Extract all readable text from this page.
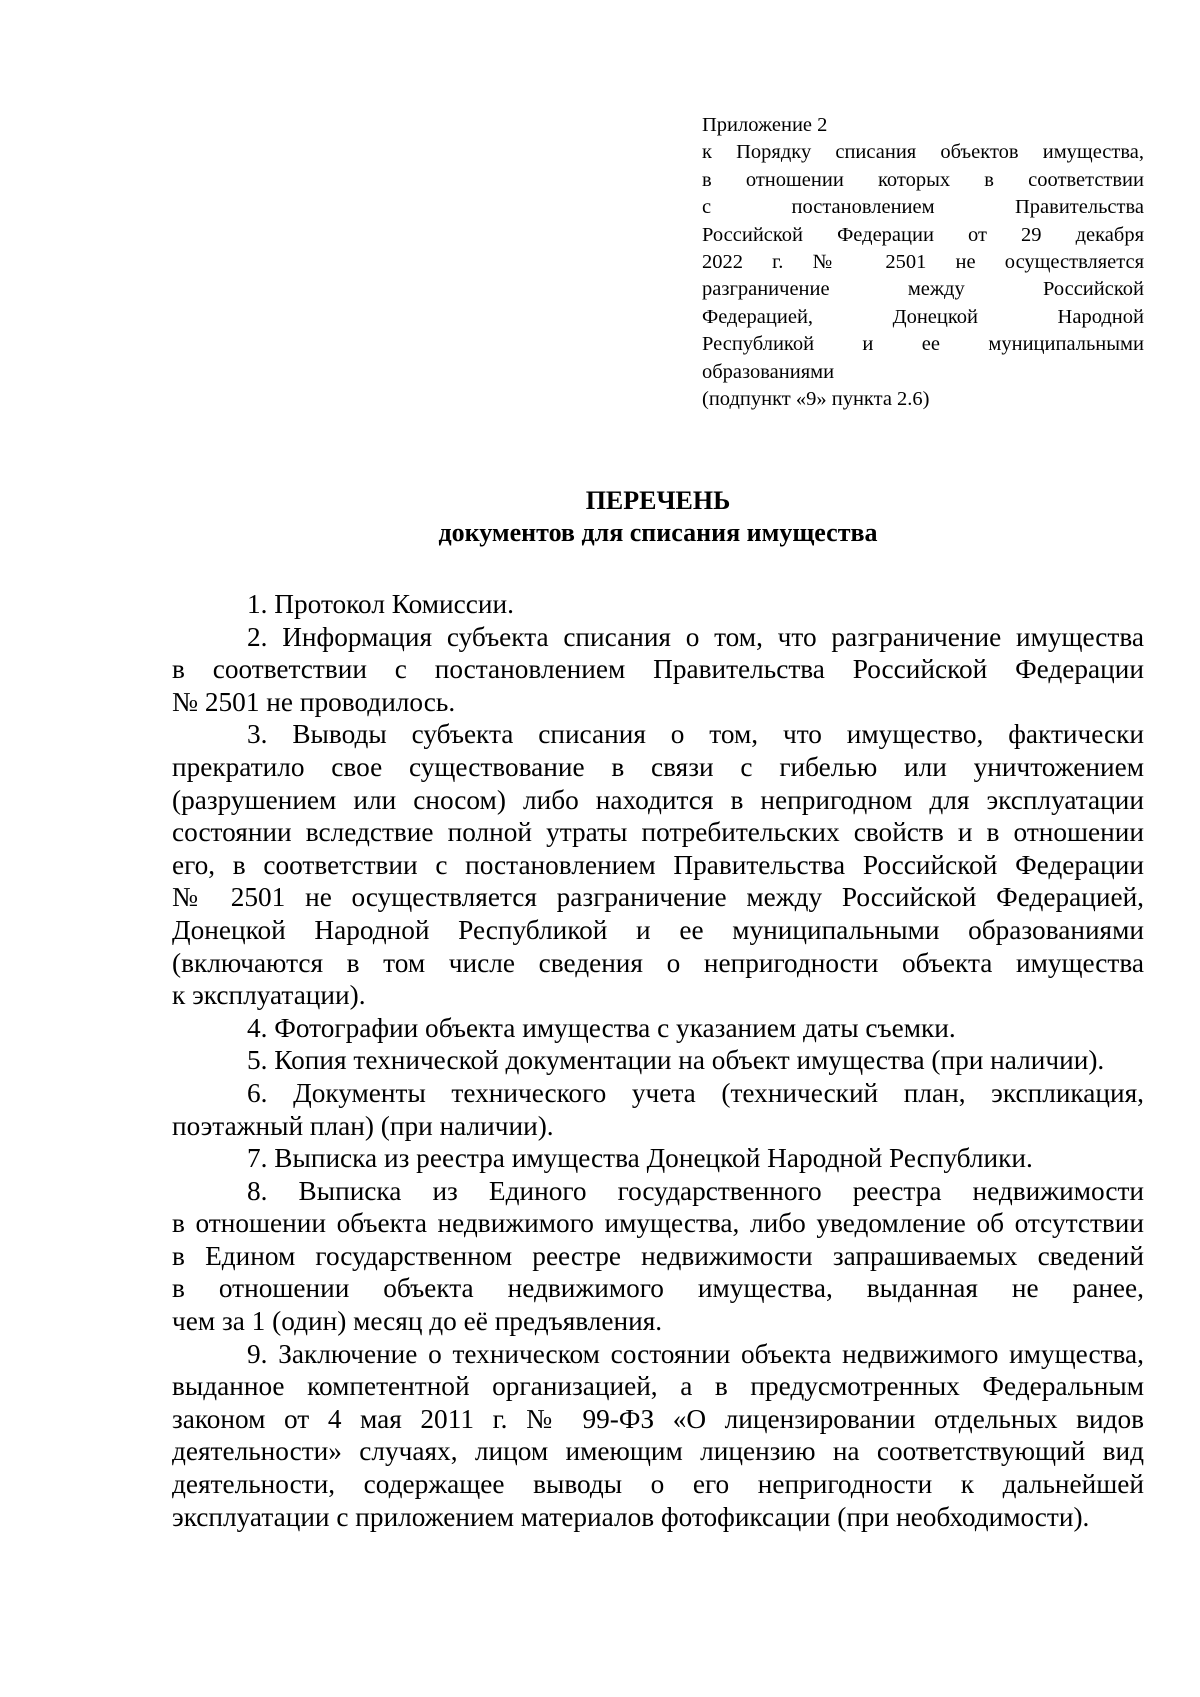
Приложение 2
к Порядку списания объектов имущества,
в отношении которых в соответствии
с постановлением Правительства
Российской Федерации от 29 декабря
2022 г. № 2501 не осуществляется
разграничение между Российской
Федерацией, Донецкой Народной
Республикой и ее муниципальными
образованиями
(подпункт «9» пункта 2.6)
ПЕРЕЧЕНЬ
документов для списания имущества

1. Протокол Комиссии.

2. Информация субъекта списания о том, что разграничение имущества
в соответствии с постановлением Правительства Российской Федерации
№ 2501 не проводилось.

3. Выводы субъекта списания о том, что имущество, фактически
прекратило свое существование в связи с гибелью или уничтожением
(разрушением или сносом) либо находится в непригодном для эксплуатации
состоянии вследствие полной утраты потребительских свойств и в отношении
его, в соответствии с постановлением Правительства Российской Федерации
№ 2501 не осуществляется разграничение между Российской Федерацией,
Донецкой Народной Республикой и ее муниципальными образованиями
(включаются в том числе сведения о непригодности объекта имущества
к эксплуатации).

4. Фотографии объекта имущества с указанием даты съемки.

5. Копия технической документации на объект имущества (при наличии).

6. Документы технического учета (технический план, экспликация,
поэтажный план) (при наличии).

7. Выписка из реестра имущества Донецкой Народной Республики.

8. Выписка из Единого государственного реестра недвижимости
в отношении объекта недвижимого имущества, либо уведомление об отсутствии
в Едином государственном реестре недвижимости запрашиваемых сведений
в отношении объекта недвижимого имущества, выданная не ранее,
чем за 1 (один) месяц до её предъявления.

9. Заключение о техническом состоянии объекта недвижимого имущества,
выданное компетентной организацией, а в предусмотренных Федеральным
законом от 4 мая 2011 г. № 99-ФЗ «О лицензировании отдельных видов
деятельности» случаях, лицом имеющим лицензию на соответствующий вид
деятельности, содержащее выводы о его непригодности к дальнейшей
эксплуатации с приложением материалов фотофиксации (при необходимости).
